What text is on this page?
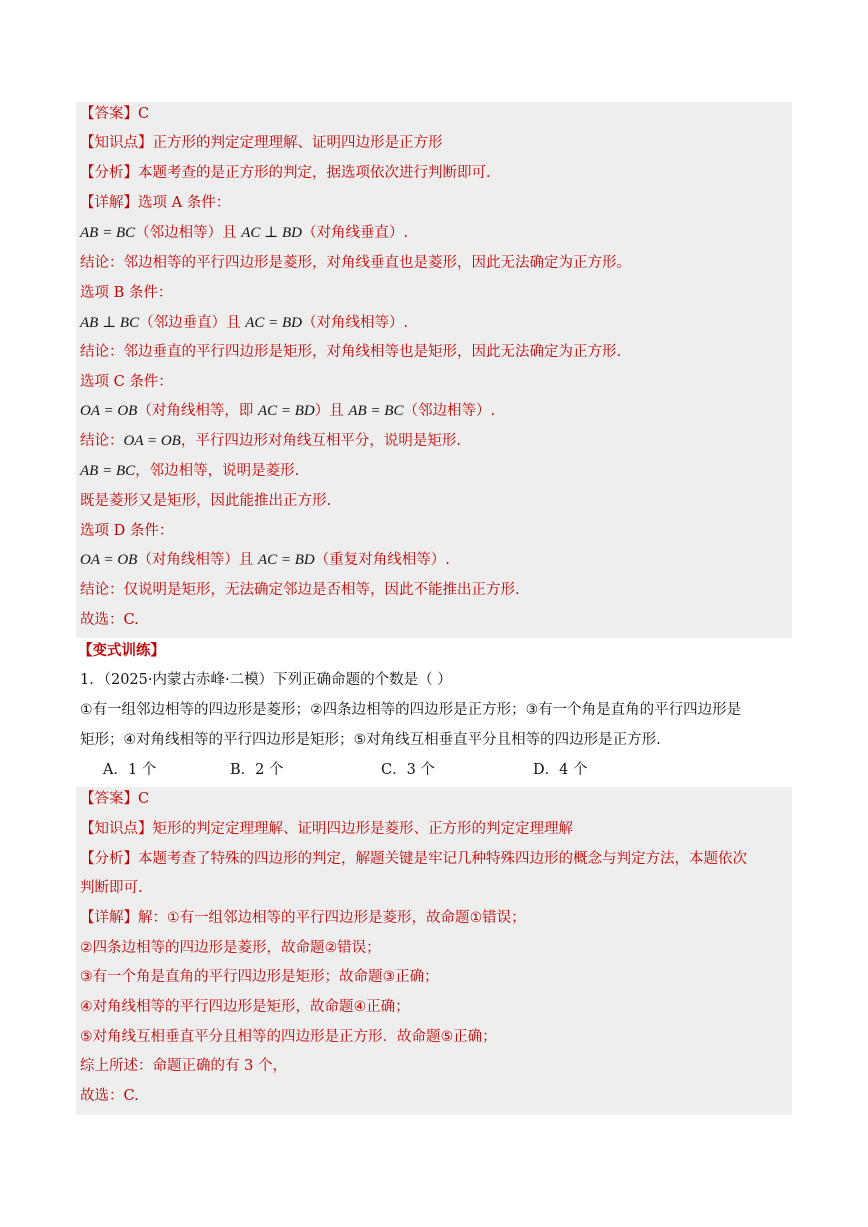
【答案】C
【知识点】正方形的判定定理理解、证明四边形是正方形
【分析】本题考查的是正方形的判定，据选项依次进行判断即可.
【详解】选项 A 条件：
AB = BC（邻边相等）且 AC ⊥ BD（对角线垂直）.
结论：邻边相等的平行四边形是菱形，对角线垂直也是菱形，因此无法确定为正方形。
选项 B 条件：
AB ⊥ BC（邻边垂直）且 AC = BD（对角线相等）.
结论：邻边垂直的平行四边形是矩形，对角线相等也是矩形，因此无法确定为正方形.
选项 C 条件：
OA = OB（对角线相等，即 AC = BD）且 AB = BC（邻边相等）.
结论：OA = OB，平行四边形对角线互相平分，说明是矩形.
AB = BC，邻边相等，说明是菱形.
既是菱形又是矩形，因此能推出正方形.
选项 D 条件：
OA = OB（对角线相等）且 AC = BD（重复对角线相等）.
结论：仅说明是矩形，无法确定邻边是否相等，因此不能推出正方形.
故选：C.
【变式训练】
1．（2025·内蒙古赤峰·二模）下列正确命题的个数是（ ）
①有一组邻边相等的四边形是菱形；②四条边相等的四边形是正方形；③有一个角是直角的平行四边形是
矩形；④对角线相等的平行四边形是矩形；⑤对角线互相垂直平分且相等的四边形是正方形.
A．1 个	B．2 个	C．3 个	D．4 个
【答案】C
【知识点】矩形的判定定理理解、证明四边形是菱形、正方形的判定定理理解
【分析】本题考查了特殊的四边形的判定，解题关键是牢记几种特殊四边形的概念与判定方法，本题依次
判断即可.
【详解】解：①有一组邻边相等的平行四边形是菱形，故命题①错误；
②四条边相等的四边形是菱形，故命题②错误；
③有一个角是直角的平行四边形是矩形；故命题③正确；
④对角线相等的平行四边形是矩形，故命题④正确；
⑤对角线互相垂直平分且相等的四边形是正方形．故命题⑤正确；
综上所述：命题正确的有 3 个，
故选：C.
